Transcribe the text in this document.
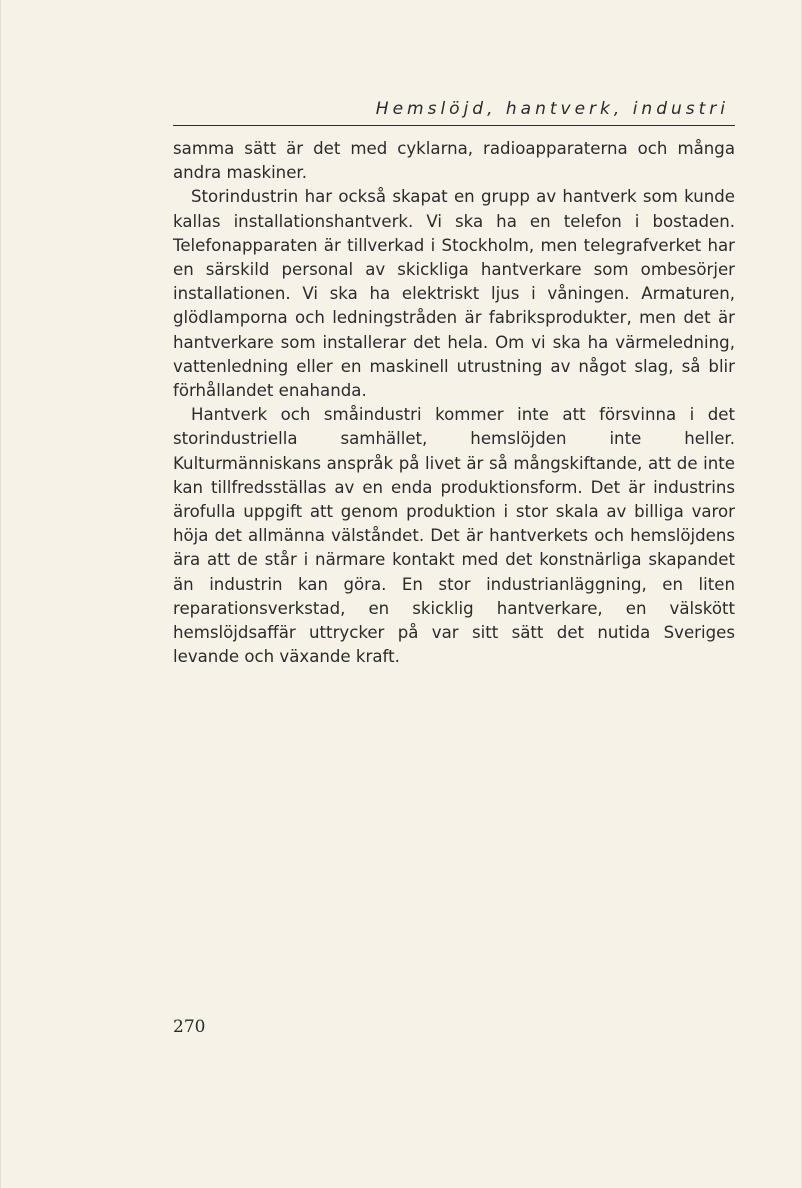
Hemslöjd, hantverk, industri

samma sätt är det med cyklarna, radioapparaterna och många andra maskiner.

Storindustrin har också skapat en grupp av hantverk som kunde kallas installationshantverk. Vi ska ha en telefon i bostaden. Telefonapparaten är tillverkad i Stockholm, men telegrafverket har en särskild personal av skickliga hantverkare som ombesörjer installationen. Vi ska ha elektriskt ljus i våningen. Armaturen, glödlamporna och ledningstråden är fabriksprodukter, men det är hantverkare som installerar det hela. Om vi ska ha värmeledning, vattenledning eller en maskinell utrustning av något slag, så blir förhållandet enahanda.

Hantverk och småindustri kommer inte att försvinna i det storindustriella samhället, hemslöjden inte heller. Kulturmänniskans anspråk på livet är så mångskiftande, att de inte kan tillfredsställas av en enda produktionsform. Det är industrins ärofulla uppgift att genom produktion i stor skala av billiga varor höja det allmänna välståndet. Det är hantverkets och hemslöjdens ära att de står i närmare kontakt med det konstnärliga skapandet än industrin kan göra. En stor industrianläggning, en liten reparationsverkstad, en skicklig hantverkare, en välskött hemslöjdsaffär uttrycker på var sitt sätt det nutida Sveriges levande och växande kraft.

270
